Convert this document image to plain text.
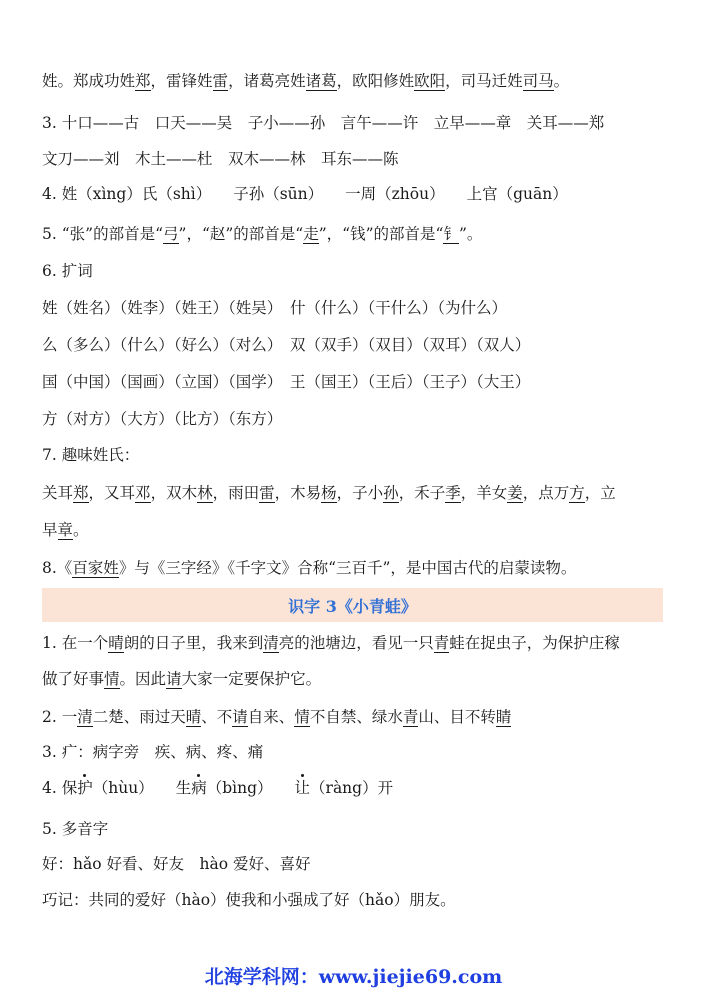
姓。郑成功姓郑，雷锋姓雷，诸葛亮姓诸葛，欧阳修姓欧阳，司马迁姓司马。
3. 十口——古　口天——吴　子小——孙　言午——许　立早——章　关耳——郑
文刀——刘　木土——杜　双木——林　耳东——陈
4. 姓（xìng）氏（shì） 子孙（sūn） 一周（zhōu） 上官（guān）
5. “张”的部首是“弓”，“赵”的部首是“走”，“钱”的部首是“钅”。
6. 扩词
姓（姓名）（姓李）（姓王）（姓吴）　什（什么）（干什么）（为什么）
么（多么）（什么）（好么）（对么）　双（双手）（双目）（双耳）（双人）
国（中国）（国画）（立国）（国学）　王（国王）（王后）（王子）（大王）
方（对方）（大方）（比方）（东方）
7. 趣味姓氏：
关耳郑，又耳邓，双木林，雨田雷，木易杨，子小孙，禾子季，羊女姜，点万方，立
早章。
8.《百家姓》与《三字经》《千字文》合称“三百千”，是中国古代的启蒙读物。
识字 3《小青蛙》
1. 在一个晴朗的日子里，我来到清亮的池塘边，看见一只青蛙在捉虫子，为保护庄稼
做了好事情。因此请大家一定要保护它。
2. 一清二楚、雨过天晴、不请自来、情不自禁、绿水青山、目不转睛
3. 疒：病字旁　疾、病、疼、痛
4. 保护（hùu） 生病（bìng） 让（ràng）开
5. 多音字
好：hǎo 好看、好友　hào 爱好、喜好
巧记：共同的爱好（hào）使我和小强成了好（hǎo）朋友。
北海学科网：www.jiejie69.com
